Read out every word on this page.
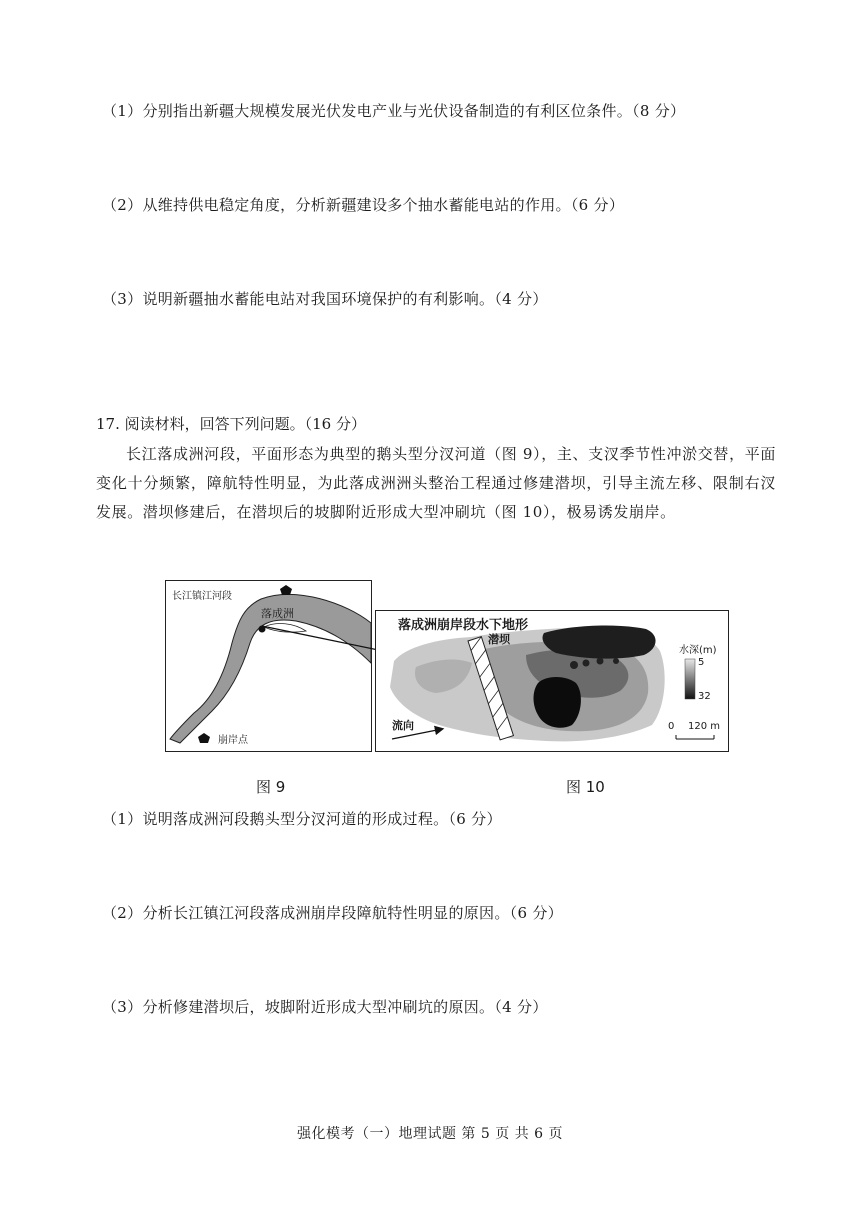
（1）分别指出新疆大规模发展光伏发电产业与光伏设备制造的有利区位条件。（8 分）
（2）从维持供电稳定角度，分析新疆建设多个抽水蓄能电站的作用。（6 分）
（3）说明新疆抽水蓄能电站对我国环境保护的有利影响。（4 分）
17. 阅读材料，回答下列问题。（16 分）

长江落成洲河段，平面形态为典型的鹅头型分汊河道（图 9），主、支汊季节性冲淤交替，平面变化十分频繁，障航特性明显，为此落成洲洲头整治工程通过修建潜坝，引导主流左移、限制右汊发展。潜坝修建后，在潜坝后的坡脚附近形成大型冲刷坑（图 10），极易诱发崩岸。

长江镇江河段
落成洲
崩岸点
落成洲崩岸段水下地形
潜坝
流向
水深(m)
5
32
0 120 m
图 9	图 10
（1）说明落成洲河段鹅头型分汊河道的形成过程。（6 分）
（2）分析长江镇江河段落成洲崩岸段障航特性明显的原因。（6 分）
（3）分析修建潜坝后，坡脚附近形成大型冲刷坑的原因。（4 分）
强化模考（一）地理试题 第 5 页 共 6 页
